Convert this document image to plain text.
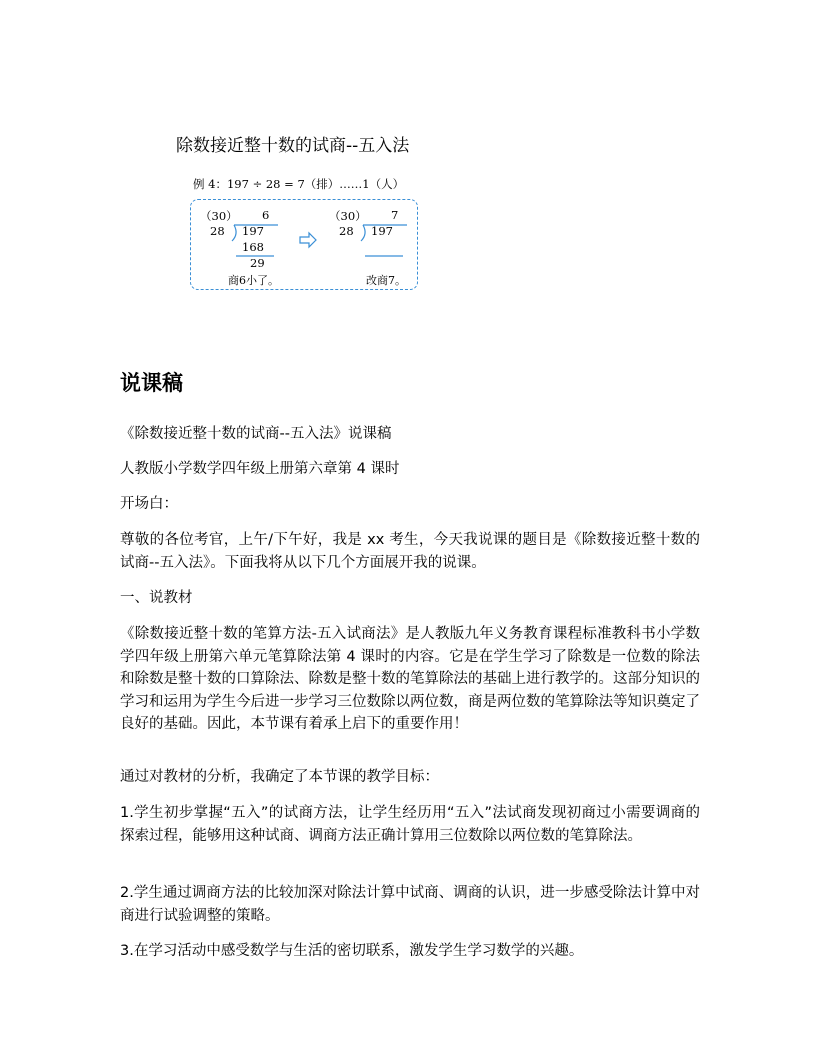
除数接近整十数的试商--五入法
例 4：197 ÷ 28 = 7（排）……1（人）
（30） 6
28 197
168
29
商6小了。
（30） 7
28 197
改商7。
说课稿
《除数接近整十数的试商--五入法》说课稿
人教版小学数学四年级上册第六章第 4 课时
开场白：
尊敬的各位考官，上午/下午好，我是 xx 考生，今天我说课的题目是《除数接近整十数的试商--五入法》。下面我将从以下几个方面展开我的说课。
一、说教材
《除数接近整十数的笔算方法-五入试商法》是人教版九年义务教育课程标准教科书小学数学四年级上册第六单元笔算除法第 4 课时的内容。它是在学生学习了除数是一位数的除法和除数是整十数的口算除法、除数是整十数的笔算除法的基础上进行教学的。这部分知识的学习和运用为学生今后进一步学习三位数除以两位数，商是两位数的笔算除法等知识奠定了良好的基础。因此，本节课有着承上启下的重要作用！
通过对教材的分析，我确定了本节课的教学目标：
1.学生初步掌握“五入”的试商方法，让学生经历用“五入”法试商发现初商过小需要调商的探索过程，能够用这种试商、调商方法正确计算用三位数除以两位数的笔算除法。
2.学生通过调商方法的比较加深对除法计算中试商、调商的认识，进一步感受除法计算中对商进行试验调整的策略。
3.在学习活动中感受数学与生活的密切联系，激发学生学习数学的兴趣。
